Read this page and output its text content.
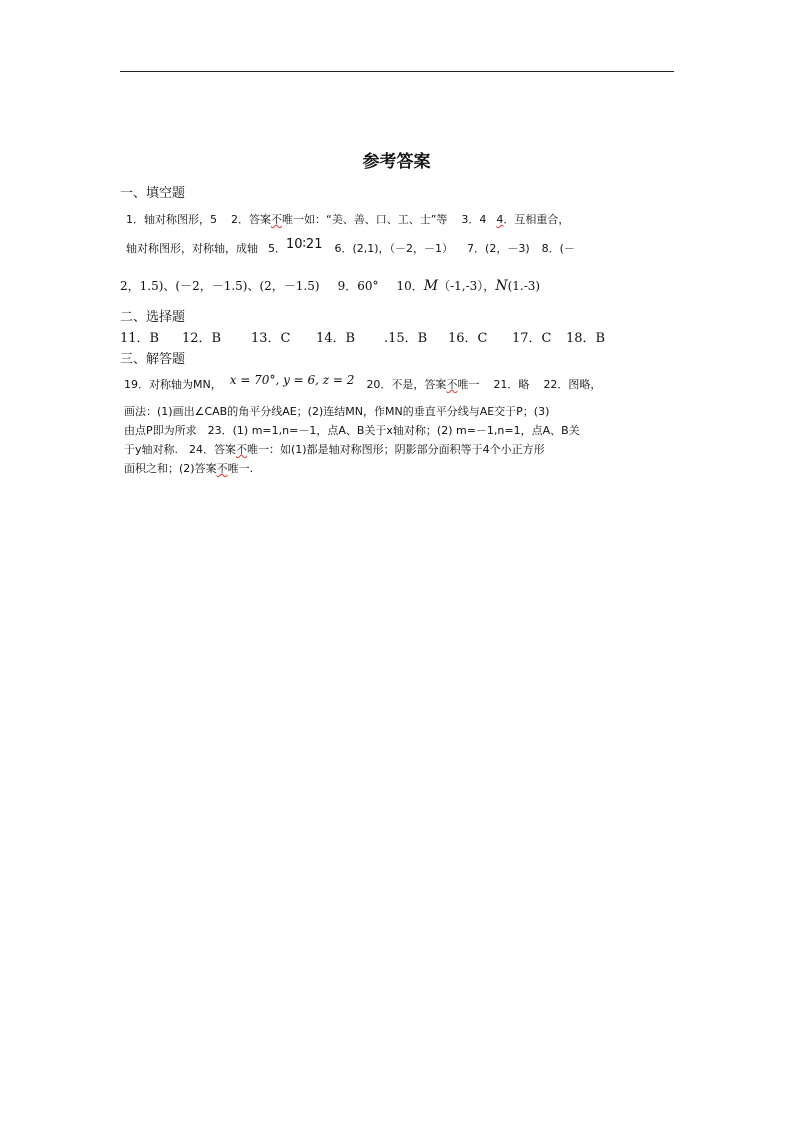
参考答案
一、填空题
1．轴对称图形，5 2．答案不唯一如：“美、善、口、工、士”等 3．4 4．互相重合，
轴对称图形，对称轴，成轴 5．10∶21 6．(2,1)，（－2，－1） 7．(2，－3) 8．(－
2，1.5)、(－2，－1.5)、(2，－1.5) 9．60° 10．M（-1,-3），N(1.-3)
二、选择题
11．B 12．B 13．C 14．B .15．B 16．C 17．C 18．B
三、解答题
19．对称轴为MN， x = 70°, y = 6, z = 2 20．不是，答案不唯一 21．略 22．图略，
画法：(1)画出∠CAB的角平分线AE；(2)连结MN，作MN的垂直平分线与AE交于P；(3)
由点P即为所求　23．(1) m=1,n=－1，点A、B关于x轴对称；(2) m=－1,n=1，点A、B关
于y轴对称.　24．答案不唯一：如(1)都是轴对称图形；阴影部分面积等于4个小正方形
面积之和；(2)答案不唯一.
